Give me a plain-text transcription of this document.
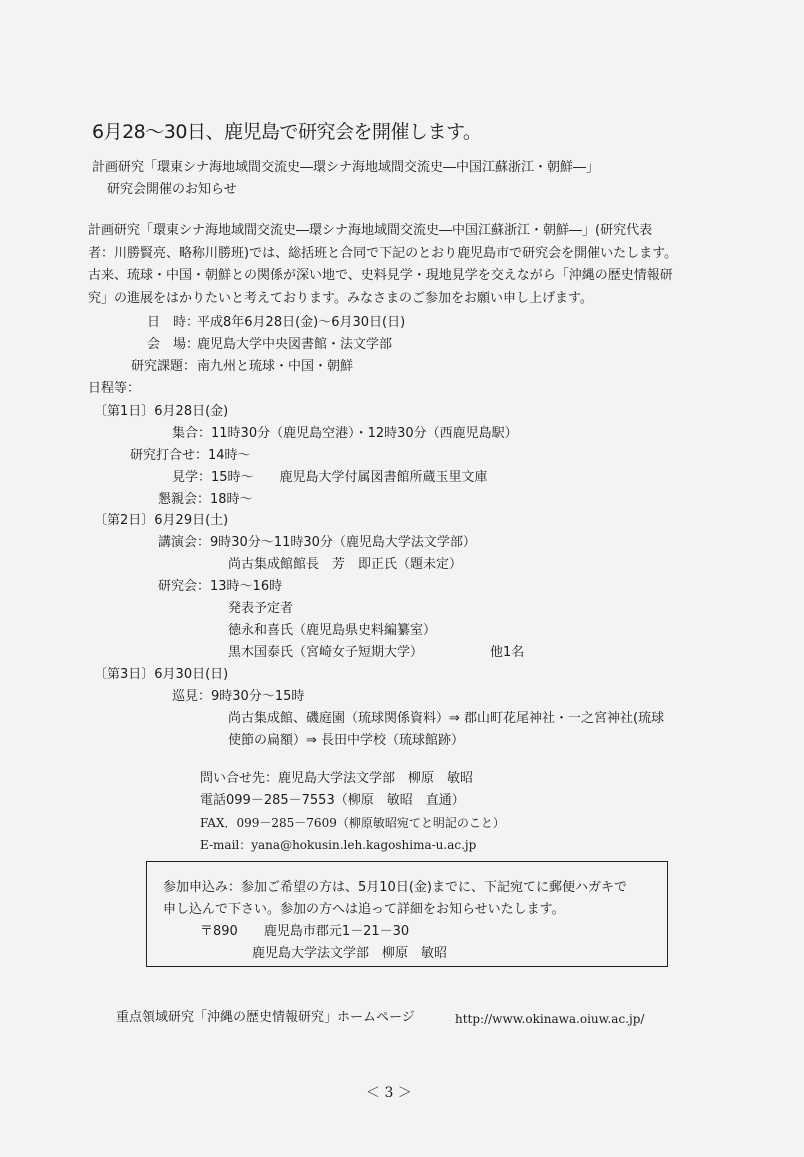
6月28～30日、鹿児島で研究会を開催します。
計画研究「環東シナ海地域間交流史―環シナ海地域間交流史―中国江蘇浙江・朝鮮―」
研究会開催のお知らせ
計画研究「環東シナ海地域間交流史―環シナ海地域間交流史―中国江蘇浙江・朝鮮―」(研究代表
者：川勝賢亮、略称川勝班)では、総括班と合同で下記のとおり鹿児島市で研究会を開催いたします。
古来、琉球・中国・朝鮮との関係が深い地で、史料見学・現地見学を交えながら「沖縄の歴史情報研
究」の進展をはかりたいと考えております。みなさまのご参加をお願い申し上げます。
日　時：
平成8年6月28日(金)～6月30日(日)
会　場：
鹿児島大学中央図書館・法文学部
研究課題： 南九州と琉球・中国・朝鮮
日程等：
〔第1日〕6月28日(金)
集合：11時30分（鹿児島空港）・12時30分（西鹿児島駅）
研究打合せ：14時～
見学：15時～　　鹿児島大学付属図書館所蔵玉里文庫
懇親会：18時～
〔第2日〕6月29日(土)
講演会：9時30分～11時30分（鹿児島大学法文学部）
尚古集成館館長　芳　即正氏（題未定）
研究会：13時～16時
発表予定者
徳永和喜氏（鹿児島県史料編纂室）
黒木国泰氏（宮崎女子短期大学）	他1名
〔第3日〕6月30日(日)
巡見：9時30分～15時
尚古集成館、磯庭園（琉球関係資料）⇒ 郡山町花尾神社・一之宮神社(琉球
使節の扁額）⇒ 長田中学校（琉球館跡）
問い合せ先：鹿児島大学法文学部　柳原　敏昭
電話099－285－7553（柳原　敏昭　直通）
FAX．099－285－7609（柳原敏昭宛てと明記のこと）
E-mail：yana@hokusin.leh.kagoshima-u.ac.jp
参加申込み：参加ご希望の方は、5月10日(金)までに、下記宛てに郵便ハガキで
申し込んで下さい。参加の方へは追って詳細をお知らせいたします。
〒890　　鹿児島市郡元1－21－30
鹿児島大学法文学部　柳原　敏昭
重点領域研究「沖縄の歴史情報研究」ホームページ	http://www.okinawa.oiuw.ac.jp/
＜ 3 ＞
